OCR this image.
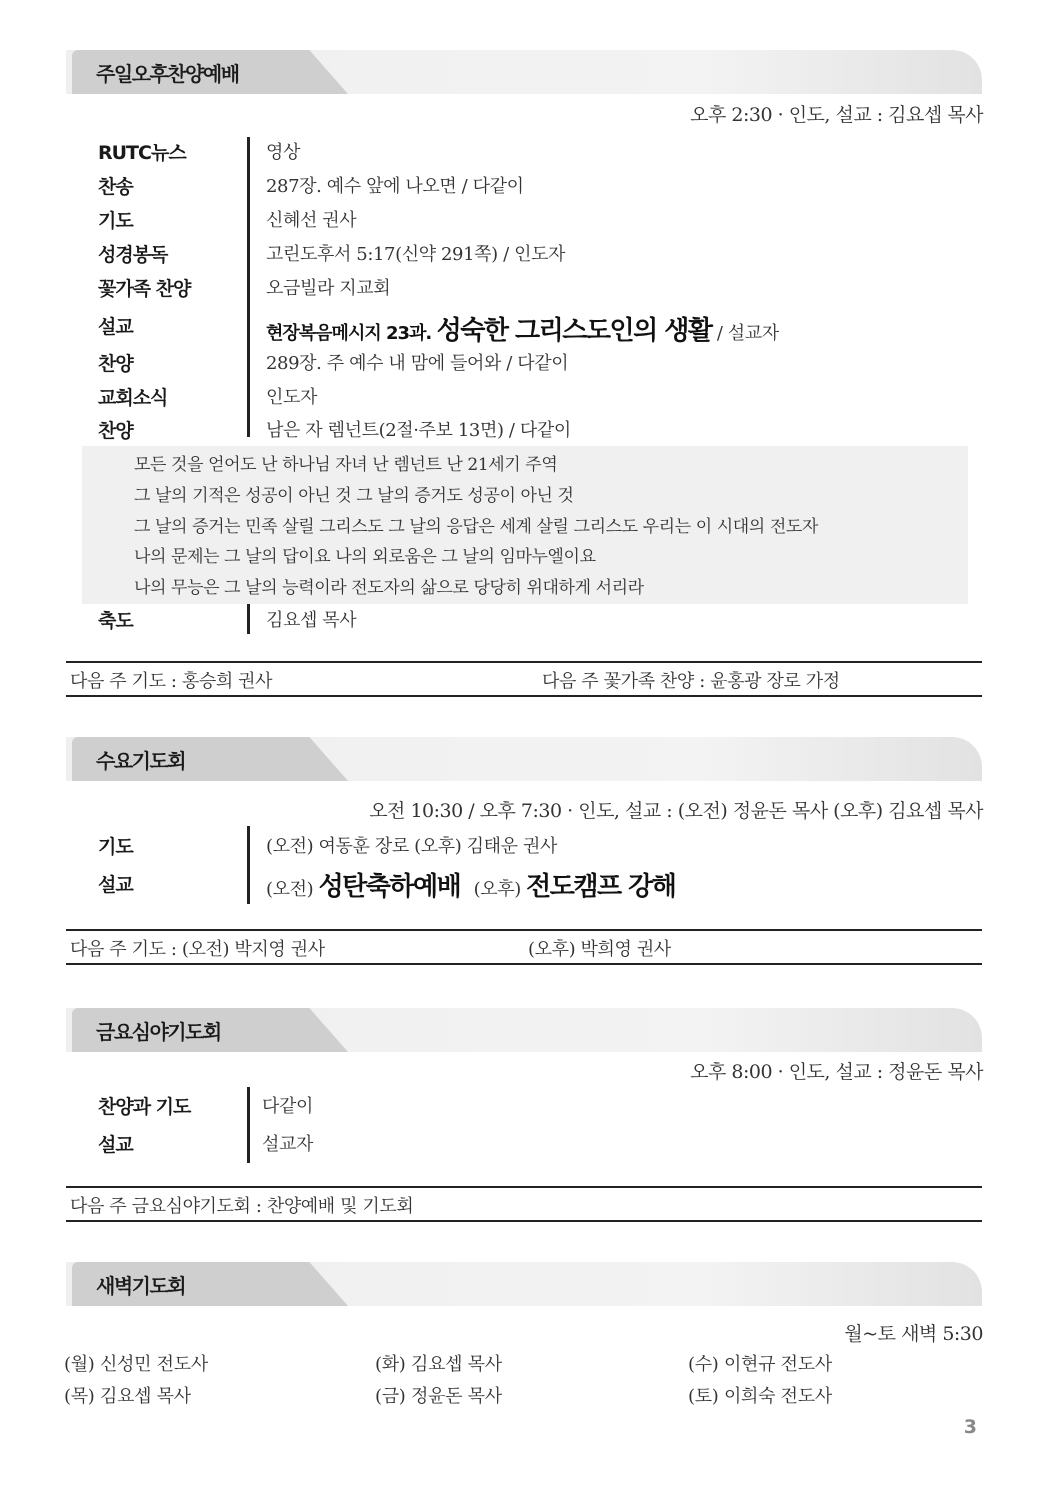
주일오후찬양예배
오후 2:30 · 인도, 설교 : 김요셉 목사
RUTC뉴스	영상
찬송	287장. 예수 앞에 나오면 / 다같이
기도	신혜선 권사
성경봉독	고린도후서 5:17(신약 291쪽) / 인도자
꽃가족 찬양	오금빌라 지교회
설교	현장복음메시지 23과. 성숙한 그리스도인의 생활 / 설교자
찬양	289장. 주 예수 내 맘에 들어와 / 다같이
교회소식	인도자
찬양	남은 자 렘넌트(2절·주보 13면) / 다같이
모든 것을 얻어도 난 하나님 자녀 난 렘넌트 난 21세기 주역
그 날의 기적은 성공이 아닌 것 그 날의 증거도 성공이 아닌 것
그 날의 증거는 민족 살릴 그리스도 그 날의 응답은 세계 살릴 그리스도 우리는 이 시대의 전도자
나의 문제는 그 날의 답이요 나의 외로움은 그 날의 임마누엘이요
나의 무능은 그 날의 능력이라 전도자의 삶으로 당당히 위대하게 서리라
축도	김요셉 목사
다음 주 기도 : 홍승희 권사	다음 주 꽃가족 찬양 : 윤홍광 장로 가정
수요기도회
오전 10:30 / 오후 7:30 · 인도, 설교 : (오전) 정윤돈 목사 (오후) 김요셉 목사
기도	(오전) 여동훈 장로 (오후) 김태운 권사
설교	(오전) 성탄축하예배 (오후) 전도캠프 강해
다음 주 기도 : (오전) 박지영 권사	(오후) 박희영 권사
금요심야기도회
오후 8:00 · 인도, 설교 : 정윤돈 목사
찬양과 기도	다같이
설교	설교자
다음 주 금요심야기도회 : 찬양예배 및 기도회
새벽기도회
월~토 새벽 5:30
(월) 신성민 전도사	(화) 김요셉 목사	(수) 이현규 전도사
(목) 김요셉 목사	(금) 정윤돈 목사	(토) 이희숙 전도사
3
